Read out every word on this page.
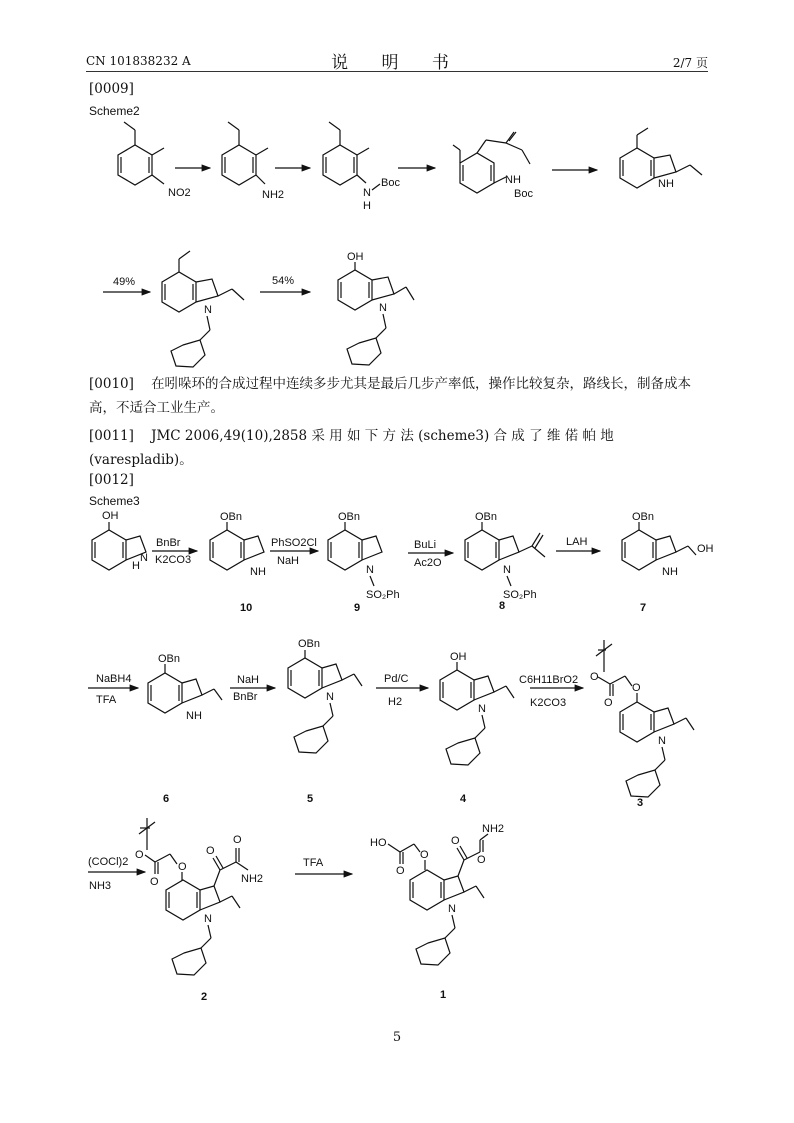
CN 101838232 A	说 明 书	2/7 页
[0009]
Scheme2
[0010] 在吲哚环的合成过程中连续多步尤其是最后几步产率低，操作比较复杂，路线长，制备成本高，不适合工业生产。
[0011] JMC 2006,49(10),2858 采 用 如 下 方 法 (scheme3) 合 成 了 维 偌 帕 地 (varespladib)。
[0012]
Scheme3
NO2	NH2	N
H
Boc	NH
Boc
NH
49%
N
54%
OH
N
OH
H
N
BnBr
K2CO3
OBn
NH
10
PhSO2Cl
NaH
OBn
N
SO₂Ph
9
BuLi
Ac2O
OBn
N
SO₂Ph
8
LAH
OH
OBn
NH
7
NaBH4
TFA
OBn
NH
6
NaH
BnBr
OBn
N
5
Pd/C
H2
OH
N
4
C6H11BrO2
K2CO3
O
O
O
N
3
(COCl)2
NH3
O
O
O
O
O
NH2
N
2
TFA
HO
O
O
O
O
NH2
N
1
5
